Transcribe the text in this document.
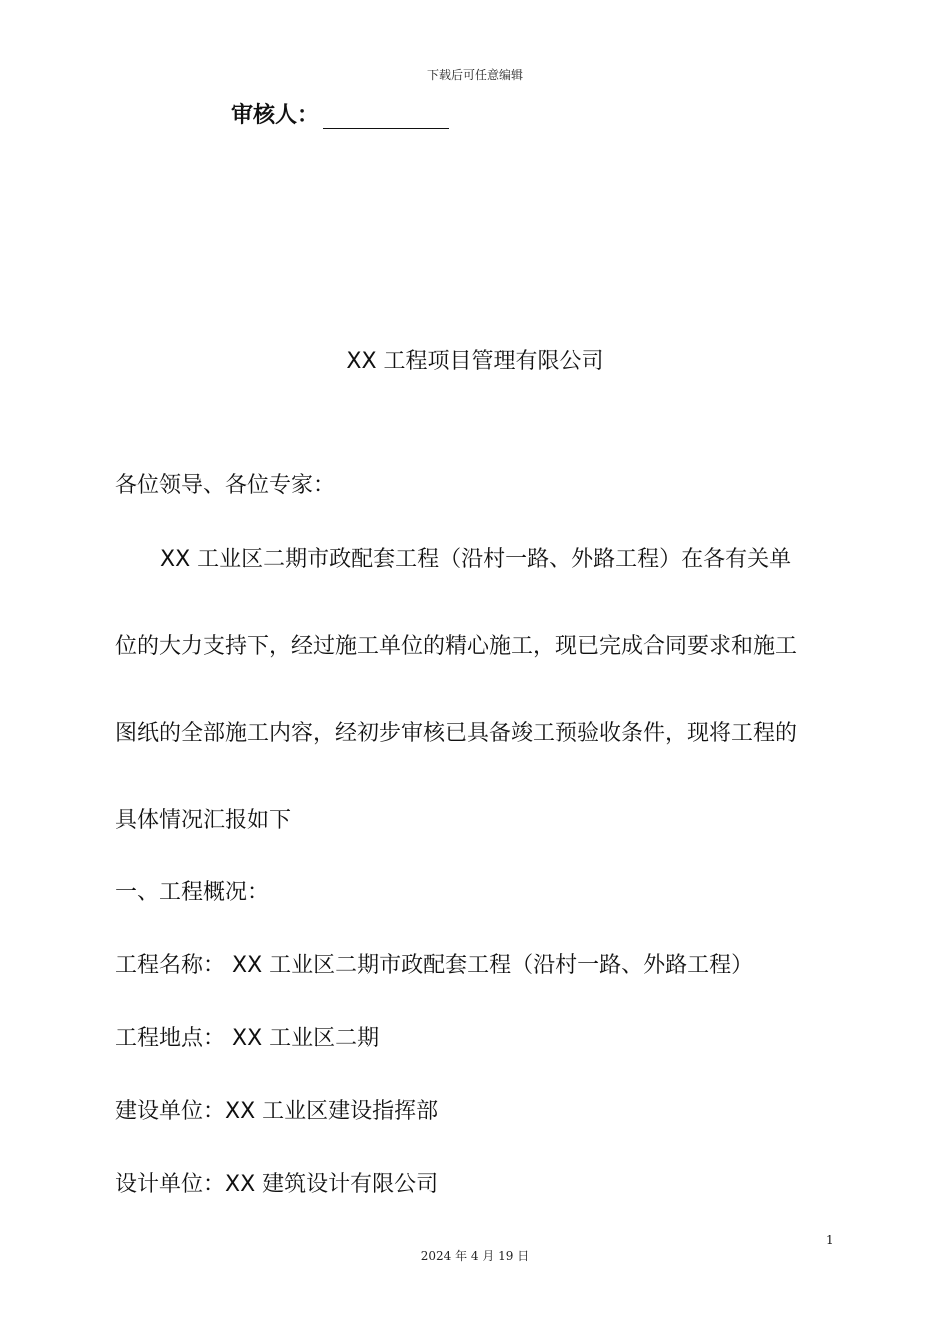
下载后可任意编辑
审核人：
XX 工程项目管理有限公司
各位领导、各位专家：
XX 工业区二期市政配套工程（沿村一路、外路工程）在各有关单
位的大力支持下，经过施工单位的精心施工，现已完成合同要求和施工
图纸的全部施工内容，经初步审核已具备竣工预验收条件，现将工程的
具体情况汇报如下
一、工程概况：
工程名称： XX 工业区二期市政配套工程（沿村一路、外路工程）
工程地点： XX 工业区二期
建设单位：XX 工业区建设指挥部
设计单位：XX 建筑设计有限公司
1
2024 年 4 月 19 日
